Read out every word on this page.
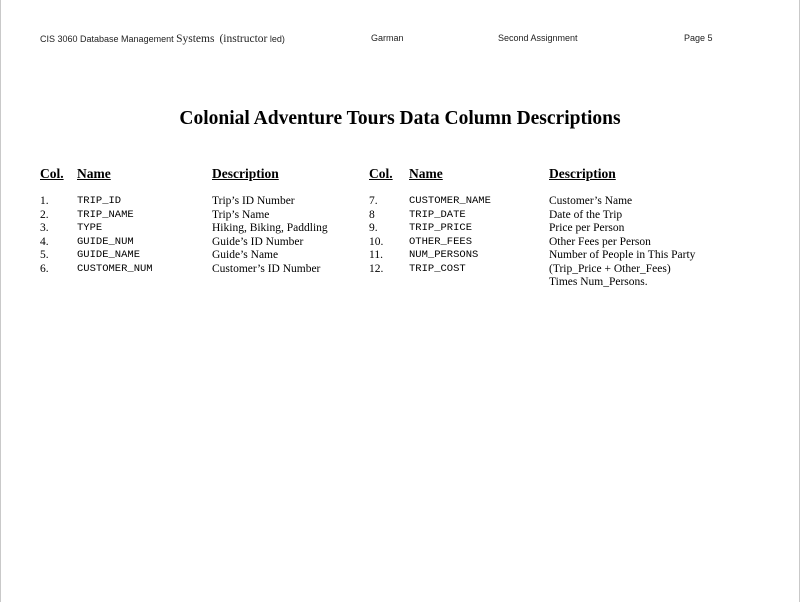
CIS 3060 Database Management Systems (instructor led)	Garman	Second Assignment	Page 5
Colonial Adventure Tours Data Column Descriptions
Col. Name	Description	Col. Name	Description
1.	TRIP_ID	Trip’s ID Number
2.	TRIP_NAME	Trip’s Name
3.	TYPE	Hiking, Biking, Paddling
4.	GUIDE_NUM	Guide’s ID Number
5.	GUIDE_NAME	Guide’s Name
6.	CUSTOMER_NUM	Customer’s ID Number
7.	CUSTOMER_NAME	Customer’s Name
8	TRIP_DATE	Date of the Trip
9.	TRIP_PRICE	Price per Person
10. OTHER_FEES	Other Fees per Person
11. NUM_PERSONS	Number of People in This Party
12. TRIP_COST	(Trip_Price + Other_Fees)
Times Num_Persons.
